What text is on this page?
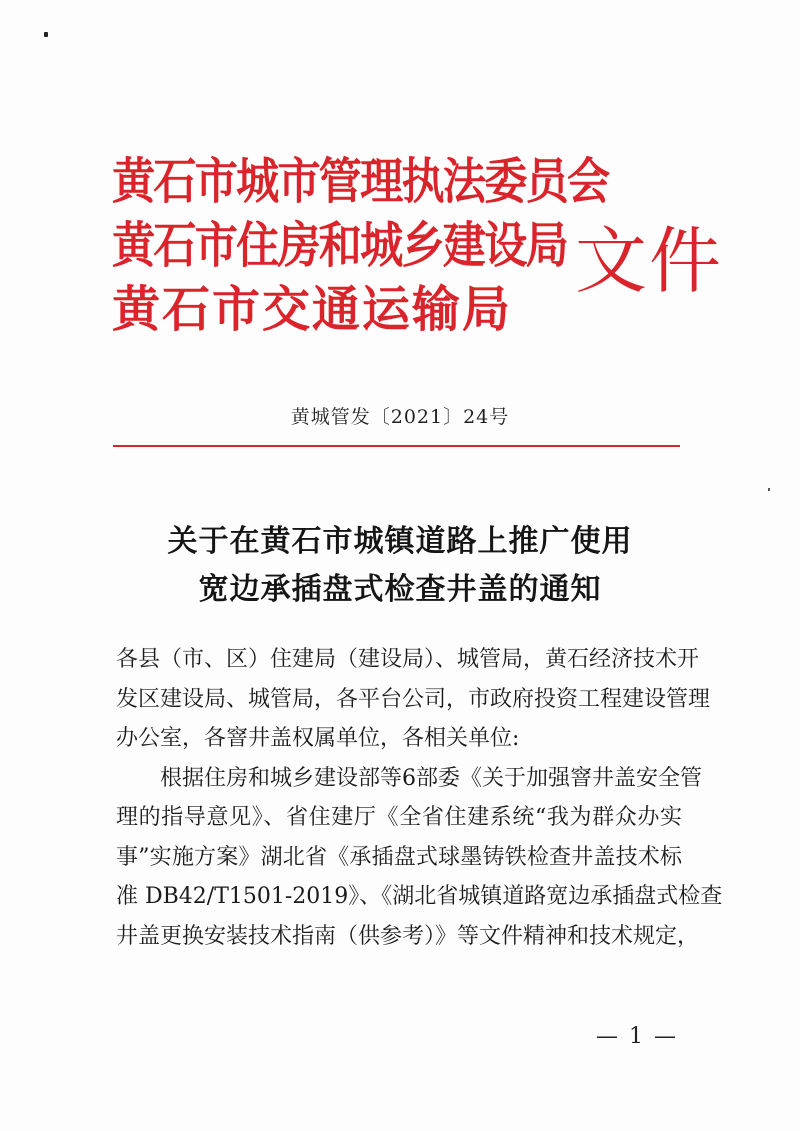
黄石市城市管理执法委员会
黄石市住房和城乡建设局
黄石市交通运输局
文件
黄城管发〔2021〕24号
关于在黄石市城镇道路上推广使用
宽边承插盘式检查井盖的通知
各县（市、区）住建局（建设局）、城管局，黄石经济技术开
发区建设局、城管局，各平台公司，市政府投资工程建设管理
办公室，各窨井盖权属单位，各相关单位:
根据住房和城乡建设部等6部委《关于加强窨井盖安全管
理的指导意见》、省住建厅《全省住建系统“我为群众办实
事”实施方案》湖北省《承插盘式球墨铸铁检查井盖技术标
准 DB42/T1501-2019》、《湖北省城镇道路宽边承插盘式检查
井盖更换安装技术指南（供参考）》等文件精神和技术规定，
— 1 —
